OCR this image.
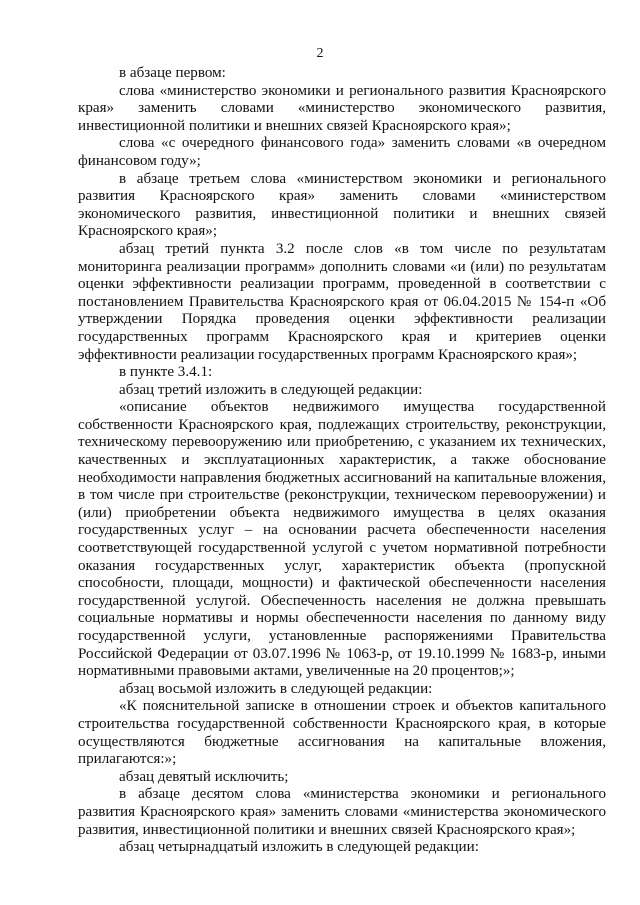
2

в абзаце первом:

слова «министерство экономики и регионального развития Красноярского края» заменить словами «министерство экономического развития, инвестиционной политики и внешних связей Красноярского края»;

слова «с очередного финансового года» заменить словами «в очередном финансовом году»;

в абзаце третьем слова «министерством экономики и регионального развития Красноярского края» заменить словами «министерством экономического развития, инвестиционной политики и внешних связей Красноярского края»;

абзац третий пункта 3.2 после слов «в том числе по результатам мониторинга реализации программ» дополнить словами «и (или) по результатам оценки эффективности реализации программ, проведенной в соответствии с постановлением Правительства Красноярского края от 06.04.2015 № 154-п «Об утверждении Порядка проведения оценки эффективности реализации государственных программ Красноярского края и критериев оценки эффективности реализации государственных программ Красноярского края»;

в пункте 3.4.1:

абзац третий изложить в следующей редакции:

«описание объектов недвижимого имущества государственной собственности Красноярского края, подлежащих строительству, реконструкции, техническому перевооружению или приобретению, с указанием их технических, качественных и эксплуатационных характеристик, а также обоснование необходимости направления бюджетных ассигнований на капитальные вложения, в том числе при строительстве (реконструкции, техническом перевооружении) и (или) приобретении объекта недвижимого имущества в целях оказания государственных услуг – на основании расчета обеспеченности населения соответствующей государственной услугой с учетом нормативной потребности оказания государственных услуг, характеристик объекта (пропускной способности, площади, мощности) и фактической обеспеченности населения государственной услугой. Обеспеченность населения не должна превышать социальные нормативы и нормы обеспеченности населения по данному виду государственной услуги, установленные распоряжениями Правительства Российской Федерации от 03.07.1996 № 1063-р, от 19.10.1999 № 1683-р, иными нормативными правовыми актами, увеличенные на 20 процентов;»;

абзац восьмой изложить в следующей редакции:

«К пояснительной записке в отношении строек и объектов капитального строительства государственной собственности Красноярского края, в которые осуществляются бюджетные ассигнования на капитальные вложения, прилагаются:»;

абзац девятый исключить;

в абзаце десятом слова «министерства экономики и регионального развития Красноярского края» заменить словами «министерства экономического развития, инвестиционной политики и внешних связей Красноярского края»;

абзац четырнадцатый изложить в следующей редакции:
